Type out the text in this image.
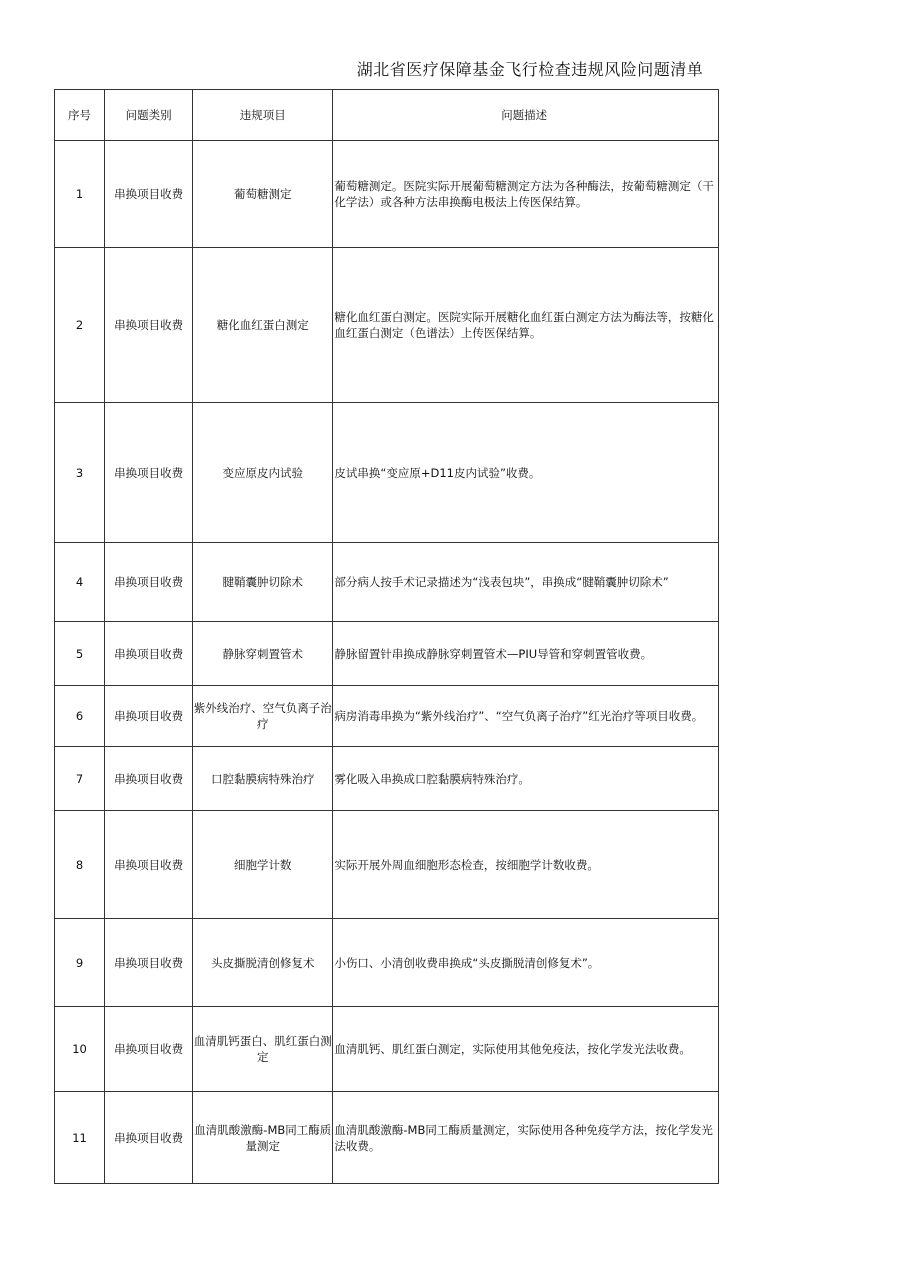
湖北省医疗保障基金飞行检查违规风险问题清单
序号	问题类别	违规项目	问题描述
1	串换项目收费	葡萄糖测定	葡萄糖测定。医院实际开展葡萄糖测定方法为各种酶法，按葡萄糖测定（干化学法）或各种方法串换酶电极法上传医保结算。
2	串换项目收费	糖化血红蛋白测定	糖化血红蛋白测定。医院实际开展糖化血红蛋白测定方法为酶法等，按糖化血红蛋白测定（色谱法）上传医保结算。
3	串换项目收费	变应原皮内试验	皮试串换“变应原+D11皮内试验”收费。
4	串换项目收费	腱鞘囊肿切除术	部分病人按手术记录描述为“浅表包块”，串换成“腱鞘囊肿切除术”
5	串换项目收费	静脉穿刺置管术	静脉留置针串换成静脉穿刺置管术—PIU导管和穿刺置管收费。
6	串换项目收费	紫外线治疗、空气负离子治疗	病房消毒串换为“紫外线治疗”、“空气负离子治疗”红光治疗等项目收费。
7	串换项目收费	口腔黏膜病特殊治疗	雾化吸入串换成口腔黏膜病特殊治疗。
8	串换项目收费	细胞学计数	实际开展外周血细胞形态检查，按细胞学计数收费。
9	串换项目收费	头皮撕脱清创修复术	小伤口、小清创收费串换成“头皮撕脱清创修复术”。
10	串换项目收费	血清肌钙蛋白、肌红蛋白测定	血清肌钙、肌红蛋白测定，实际使用其他免疫法，按化学发光法收费。
11	串换项目收费	血清肌酸激酶-MB同工酶质量测定	血清肌酸激酶-MB同工酶质量测定，实际使用各种免疫学方法，按化学发光法收费。
